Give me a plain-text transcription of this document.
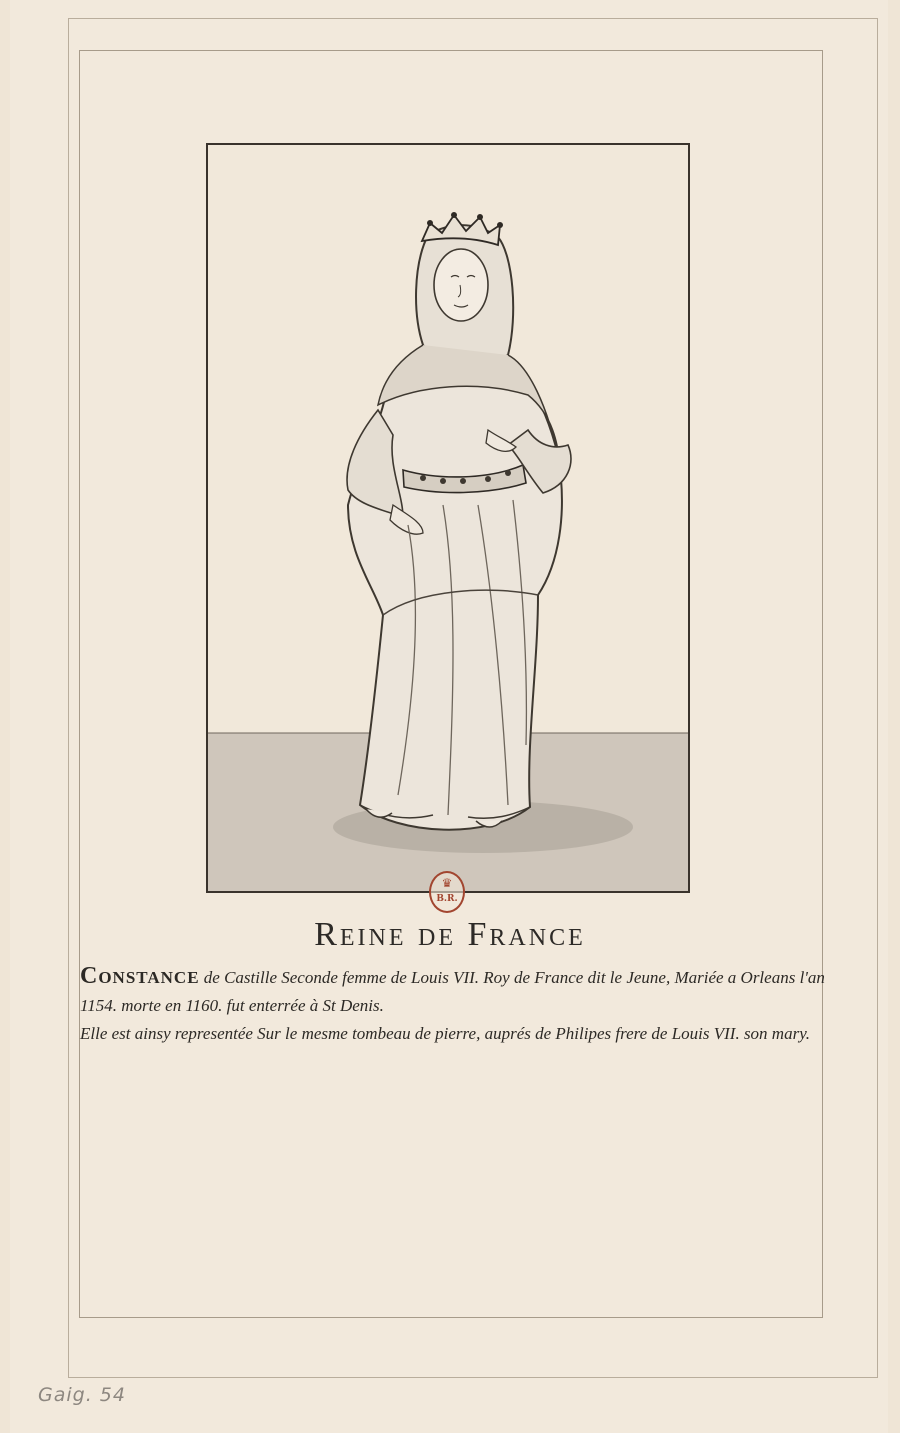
♛
B.R.
Reine de France

Constance de Castille Seconde femme de Louis VII. Roy de France dit le Jeune, Mariée a Orleans l'an 1154. morte en 1160. fut enterrée à St Denis.

Elle est ainsy representée Sur le mesme tombeau de pierre, auprés de Philipes frere de Louis VII. son mary.

Gaig. 54
